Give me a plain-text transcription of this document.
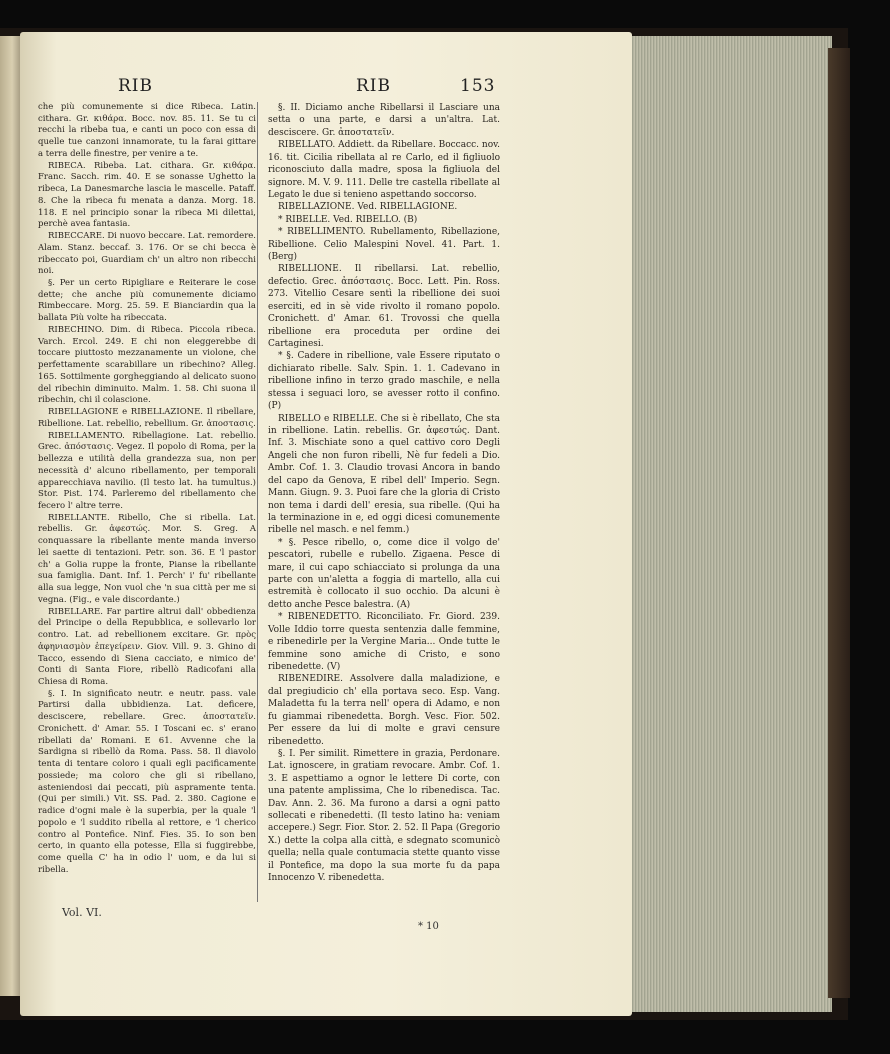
RIB	RIB	153

che più comunemente si dice Ribeca. Latin. cithara. Gr. κιθάρα. Bocc. nov. 85. 11. Se tu ci recchi la ribeba tua, e canti un poco con essa di quelle tue canzoni innamorate, tu la farai gittare a terra delle finestre, per venire a te.

RIBECA. Ribeba. Lat. cithara. Gr. κιθάρα. Franc. Sacch. rim. 40. E se sonasse Ughetto la ribeca, La Danesmarche lascia le mascelle. Pataff. 8. Che la ribeca fu menata a danza. Morg. 18. 118. E nel principio sonar la ribeca Mi dilettai, perchè avea fantasia.

RIBECCARE. Di nuovo beccare. Lat. remordere. Alam. Stanz. beccaf. 3. 176. Or se chi becca è ribeccato poi, Guardiam ch' un altro non ribecchi noi.

§. Per un certo Ripigliare e Reiterare le cose dette; che anche più comunemente diciamo Rimbeccare. Morg. 25. 59. E Bianciardin qua la ballata Più volte ha ribeccata.

RIBECHINO. Dim. di Ribeca. Piccola ribeca. Varch. Ercol. 249. E chi non eleggerebbe di toccare piuttosto mezzanamente un violone, che perfettamente scarabillare un ribechino? Alleg. 165. Sottilmente gorgheggiando al delicato suono del ribechin diminuito. Malm. 1. 58. Chi suona il ribechin, chi il colascione.

RIBELLAGIONE e RIBELLAZIONE. Il ribellare, Ribellione. Lat. rebellio, rebellium. Gr. ἀποστασις.

RIBELLAMENTO. Ribellagione. Lat. rebellio. Grec. ἀπόστασις. Vegez. Il popolo di Roma, per la bellezza e utilità della grandezza sua, non per necessità d' alcuno ribellamento, per temporali apparecchiava navilio. (Il testo lat. ha tumultus.) Stor. Pist. 174. Parleremo del ribellamento che fecero l' altre terre.

RIBELLANTE. Ribello, Che si ribella. Lat. rebellis. Gr. ἀφεστώς. Mor. S. Greg. A conquassare la ribellante mente manda inverso lei saette di tentazioni. Petr. son. 36. E 'l pastor ch' a Golia ruppe la fronte, Pianse la ribellante sua famiglia. Dant. Inf. 1. Perch' i' fu' ribellante alla sua legge, Non vuol che 'n sua città per me si vegna. (Fig., e vale discordante.)

RIBELLARE. Far partire altrui dall' obbedienza del Principe o della Repubblica, e sollevarlo lor contro. Lat. ad rebellionem excitare. Gr. πρὸς ἀφηνιασμὸν ἐπεγείρειν. Giov. Vill. 9. 3. Ghino di Tacco, essendo di Siena cacciato, e nimico de' Conti di Santa Fiore, ribellò Radicofani alla Chiesa di Roma.

§. I. In significato neutr. e neutr. pass. vale Partirsi dalla ubbidienza. Lat. deficere, desciscere, rebellare. Grec. ἀποστατεῖν. Cronichett. d' Amar. 55. I Toscani ec. s' erano ribellati da' Romani. E 61. Avvenne che la Sardigna si ribellò da Roma. Pass. 58. Il diavolo tenta di tentare coloro i quali egli pacificamente possiede; ma coloro che gli si ribellano, asteniendosi dai peccati, più aspramente tenta. (Qui per simili.) Vit. SS. Pad. 2. 380. Cagione e radice d'ogni male è la superbia, per la quale 'l popolo e 'l suddito ribella al rettore, e 'l cherico contro al Pontefice. Ninf. Fies. 35. Io son ben certo, in quanto ella potesse, Ella si fuggirebbe, come quella C' ha in odio l' uom, e da lui si ribella.

§. II. Diciamo anche Ribellarsi il Lasciare una setta o una parte, e darsi a un'altra. Lat. desciscere. Gr. ἀποστατεῖν.

RIBELLATO. Addiett. da Ribellare. Boccacc. nov. 16. tit. Cicilia ribellata al re Carlo, ed il figliuolo riconosciuto dalla madre, sposa la figliuola del signore. M. V. 9. 111. Delle tre castella ribellate al Legato le due si tenieno aspettando soccorso.

RIBELLAZIONE. Ved. RIBELLAGIONE.

* RIBELLE. Ved. RIBELLO. (B)

* RIBELLIMENTO. Rubellamento, Ribellazione, Ribellione. Celio Malespini Novel. 41. Part. 1. (Berg)

RIBELLIONE. Il ribellarsi. Lat. rebellio, defectio. Grec. ἀπόστασις. Bocc. Lett. Pin. Ross. 273. Vitellio Cesare sentì la ribellione dei suoi eserciti, ed in sè vide rivolto il romano popolo. Cronichett. d' Amar. 61. Trovossi che quella ribellione era proceduta per ordine dei Cartaginesi.

* §. Cadere in ribellione, vale Essere riputato o dichiarato ribelle. Salv. Spin. 1. 1. Cadevano in ribellione infino in terzo grado maschile, e nella stessa i seguaci loro, se avesser rotto il confino. (P)

RIBELLO e RIBELLE. Che si è ribellato, Che sta in ribellione. Latin. rebellis. Gr. ἀφεστώς. Dant. Inf. 3. Mischiate sono a quel cattivo coro Degli Angeli che non furon ribelli, Nè fur fedeli a Dio. Ambr. Cof. 1. 3. Claudio trovasi Ancora in bando del capo da Genova, E ribel dell' Imperio. Segn. Mann. Giugn. 9. 3. Puoi fare che la gloria di Cristo non tema i dardi dell' eresia, sua ribelle. (Qui ha la terminazione in e, ed oggi dicesi comunemente ribelle nel masch. e nel femm.)

* §. Pesce ribello, o, come dice il volgo de' pescatori, rubelle e rubello. Zigaena. Pesce di mare, il cui capo schiacciato si prolunga da una parte con un'aletta a foggia di martello, alla cui estremità è collocato il suo occhio. Da alcuni è detto anche Pesce balestra. (A)

* RIBENEDETTO. Riconciliato. Fr. Giord. 239. Volle Iddio torre questa sentenzia dalle femmine, e ribenedirle per la Vergine Maria... Onde tutte le femmine sono amiche di Cristo, e sono ribenedette. (V)

RIBENEDIRE. Assolvere dalla maladizione, e dal pregiudicio ch' ella portava seco. Esp. Vang. Maladetta fu la terra nell' opera di Adamo, e non fu giammai ribenedetta. Borgh. Vesc. Fior. 502. Per essere da lui di molte e gravi censure ribenedetto.

§. I. Per similit. Rimettere in grazia, Perdonare. Lat. ignoscere, in gratiam revocare. Ambr. Cof. 1. 3. E aspettiamo a ognor le lettere Di corte, con una patente amplissima, Che lo ribenedisca. Tac. Dav. Ann. 2. 36. Ma furono a darsi a ogni patto sollecati e ribenedetti. (Il testo latino ha: veniam accepere.) Segr. Fior. Stor. 2. 52. Il Papa (Gregorio X.) dette la colpa alla città, e sdegnato scomunicò quella; nella quale contumacia stette quanto visse il Pontefice, ma dopo la sua morte fu da papa Innocenzo V. ribenedetta.

Vol. VI.
* 10
